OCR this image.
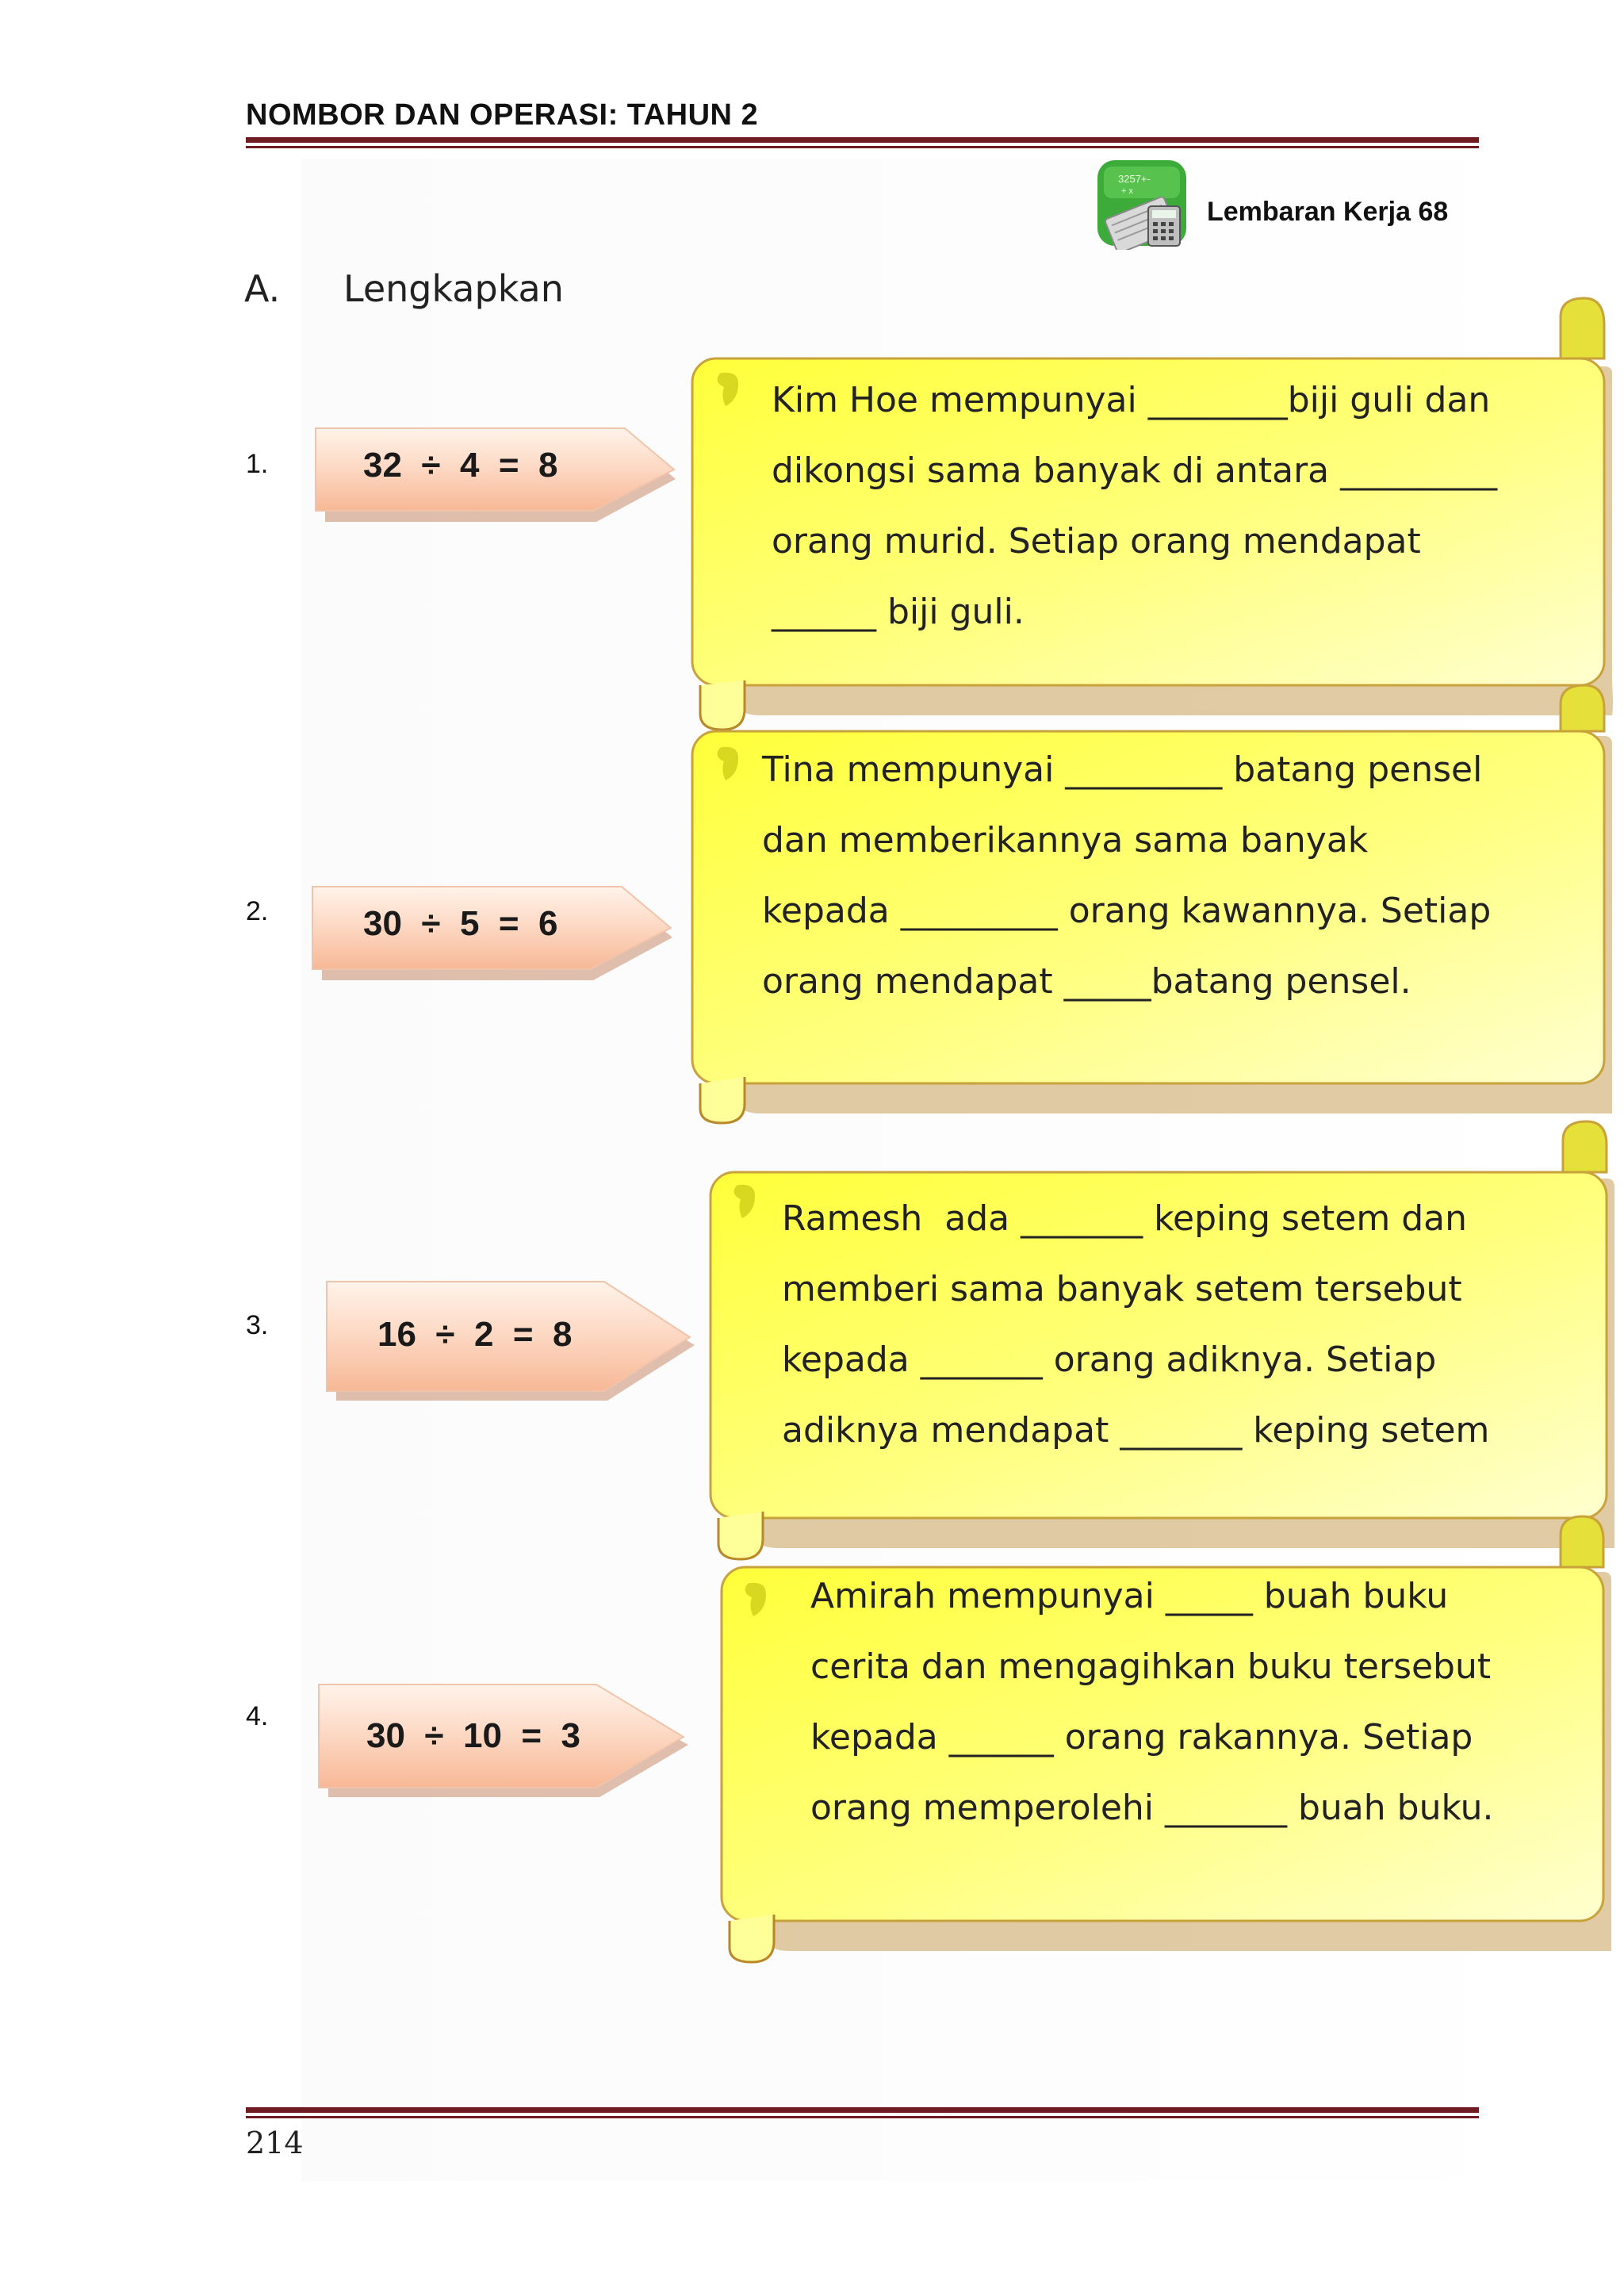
NOMBOR DAN OPERASI: TAHUN 2
3257+-
+ x
Lembaran Kerja 68
A. Lengkapkan
1.	32  ÷  4  =  8
Kim Hoe mempunyai ________biji guli dan
dikongsi sama banyak di antara _________
orang murid. Setiap orang mendapat
______ biji guli.
2.	30  ÷  5  =  6
Tina mempunyai _________ batang pensel
dan memberikannya sama banyak
kepada _________ orang kawannya. Setiap
orang mendapat _____batang pensel.
3.	16  ÷  2  =  8
Ramesh  ada _______ keping setem dan
memberi sama banyak setem tersebut
kepada _______ orang adiknya. Setiap
adiknya mendapat _______ keping setem
4.	30  ÷  10  =  3
Amirah mempunyai _____ buah buku
cerita dan mengagihkan buku tersebut
kepada ______ orang rakannya. Setiap
orang memperolehi _______ buah buku.
214
